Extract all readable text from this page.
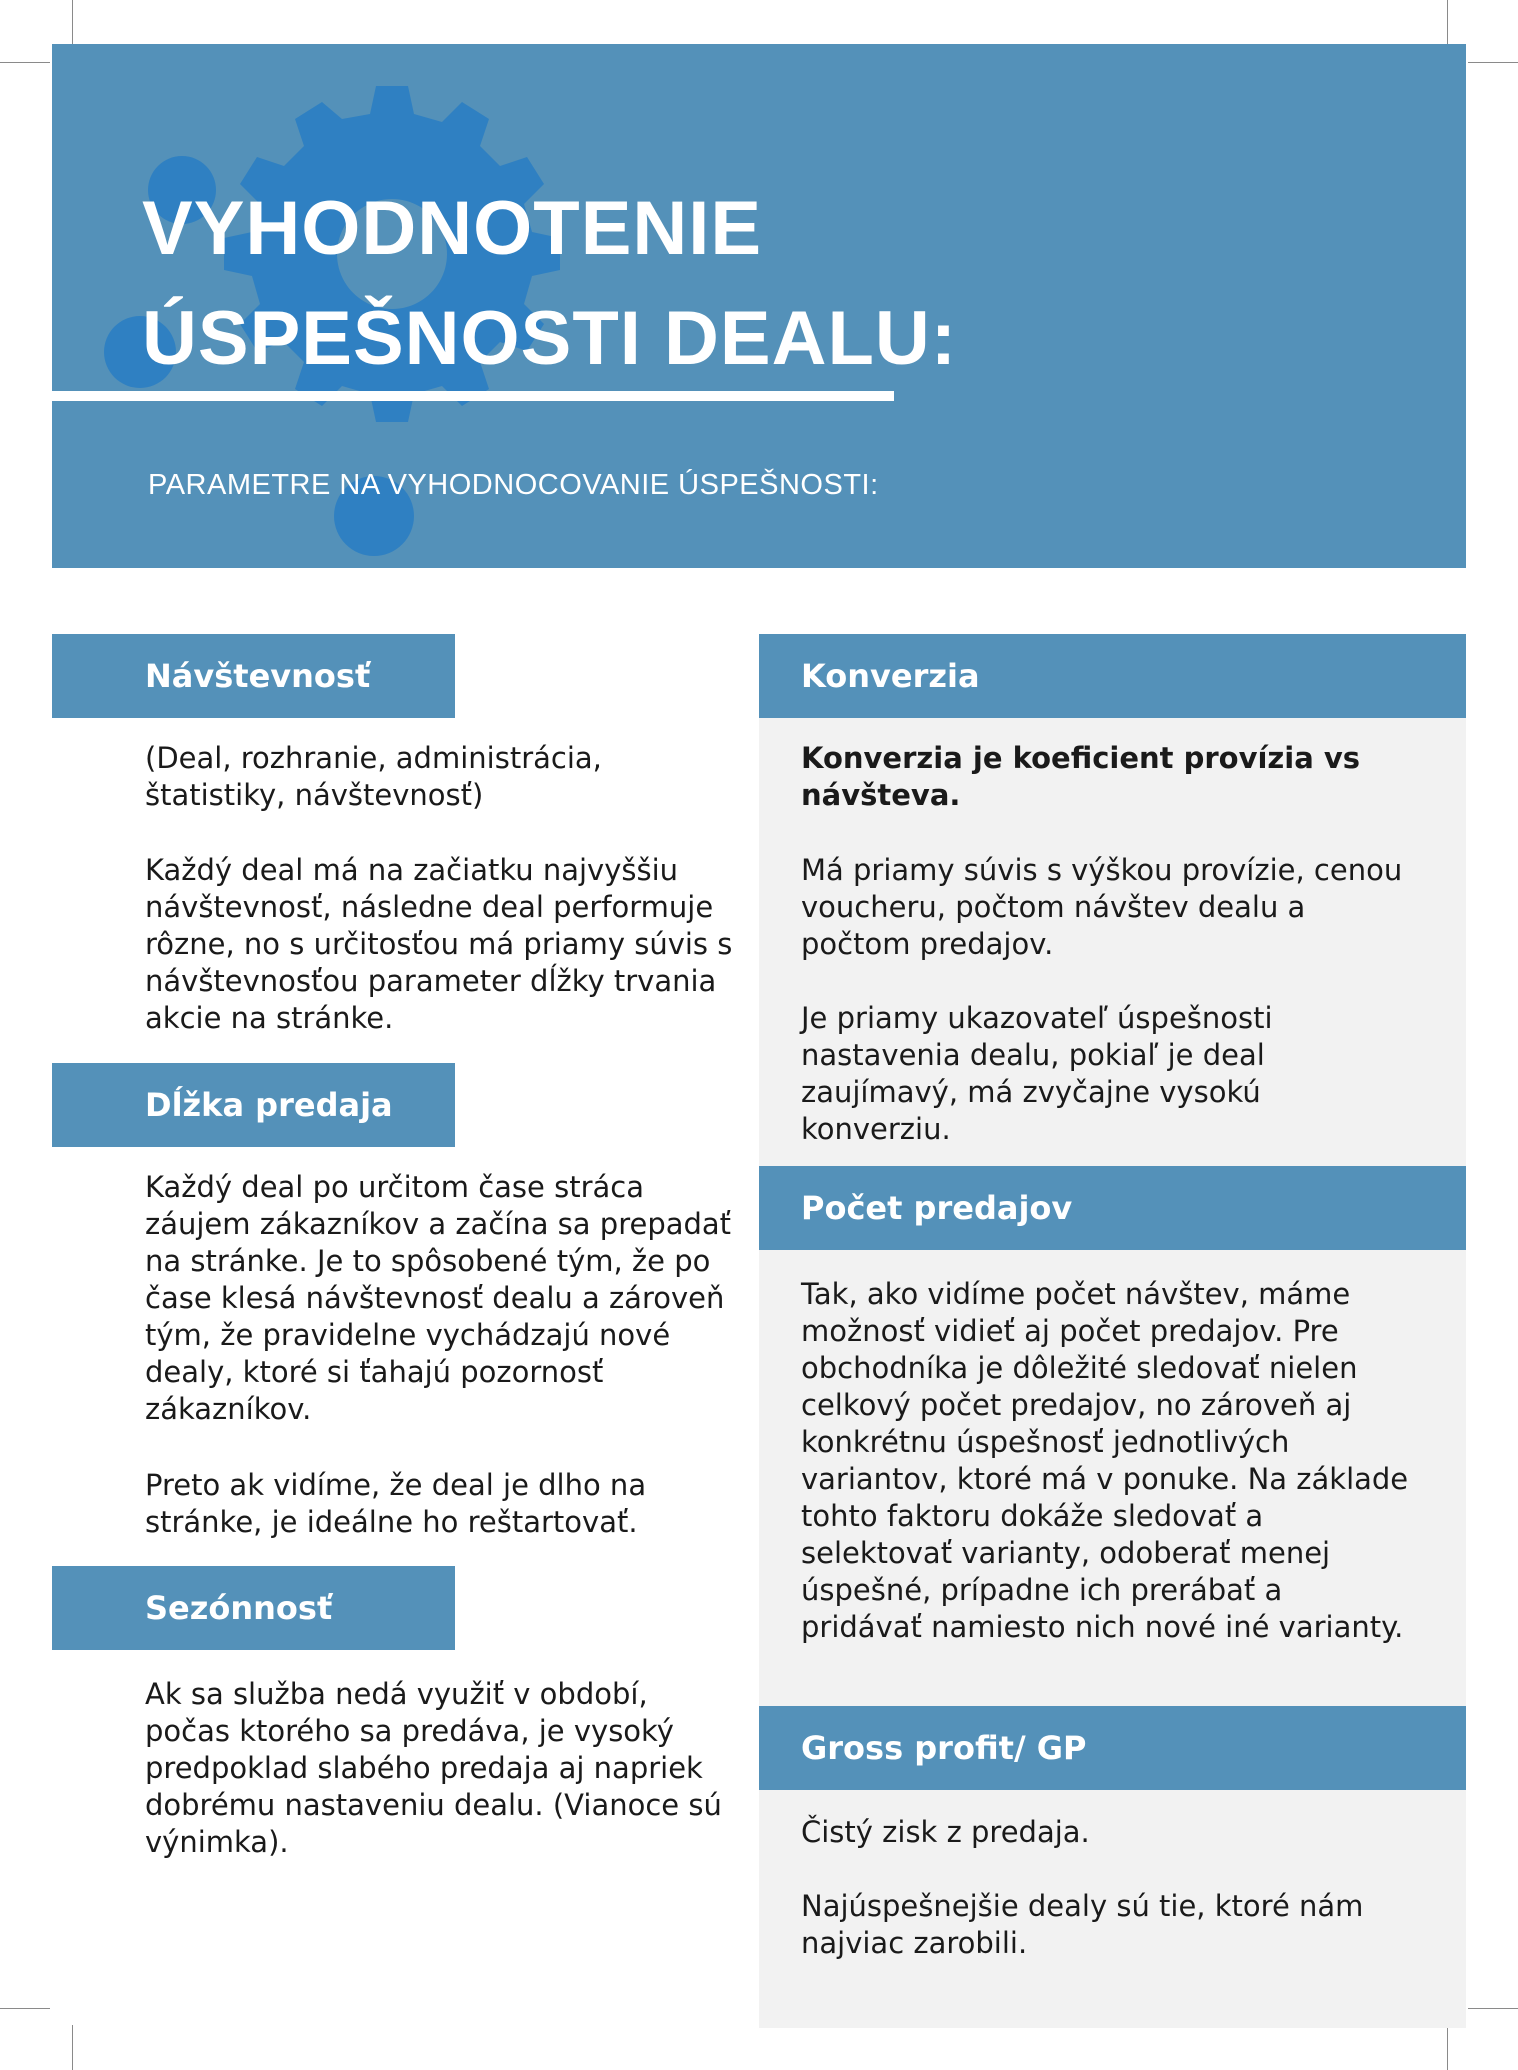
VYHODNOTENIE
ÚSPEŠNOSTI DEALU:

PARAMETRE NA VYHODNOCOVANIE ÚSPEŠNOSTI:

Návštevnosť

(Deal, rozhranie, administrácia, štatistiky, návštevnosť)

Každý deal má na začiatku najvyššiu návštevnosť, následne deal performuje rôzne, no s určitosťou má priamy súvis s návštevnosťou parameter dĺžky trvania akcie na stránke.

Dĺžka predaja

Každý deal po určitom čase stráca záujem zákazníkov a začína sa prepadať na stránke. Je to spôsobené tým, že po čase klesá návštevnosť dealu a zároveň tým, že pravidelne vychádzajú nové dealy, ktoré si ťahajú pozornosť zákazníkov.

Preto ak vidíme, že deal je dlho na stránke, je ideálne ho reštartovať.

Sezónnosť

Ak sa služba nedá využiť v období, počas ktorého sa predáva, je vysoký predpoklad slabého predaja aj napriek dobrému nastaveniu dealu. (Vianoce sú výnimka).

Konverzia

Konverzia je koeficient provízia vs návšteva.

Má priamy súvis s výškou provízie, cenou voucheru, počtom návštev dealu a počtom predajov.

Je priamy ukazovateľ úspešnosti nastavenia dealu, pokiaľ je deal zaujímavý, má zvyčajne vysokú konverziu.

Počet predajov

Tak, ako vidíme počet návštev, máme možnosť vidieť aj počet predajov. Pre obchodníka je dôležité sledovať nielen celkový počet predajov, no zároveň aj konkrétnu úspešnosť jednotlivých variantov, ktoré má v ponuke. Na základe tohto faktoru dokáže sledovať a selektovať varianty, odoberať menej úspešné, prípadne ich prerábať a pridávať namiesto nich nové iné varianty.

Gross profit/ GP

Čistý zisk z predaja.

Najúspešnejšie dealy sú tie, ktoré nám najviac zarobili.
